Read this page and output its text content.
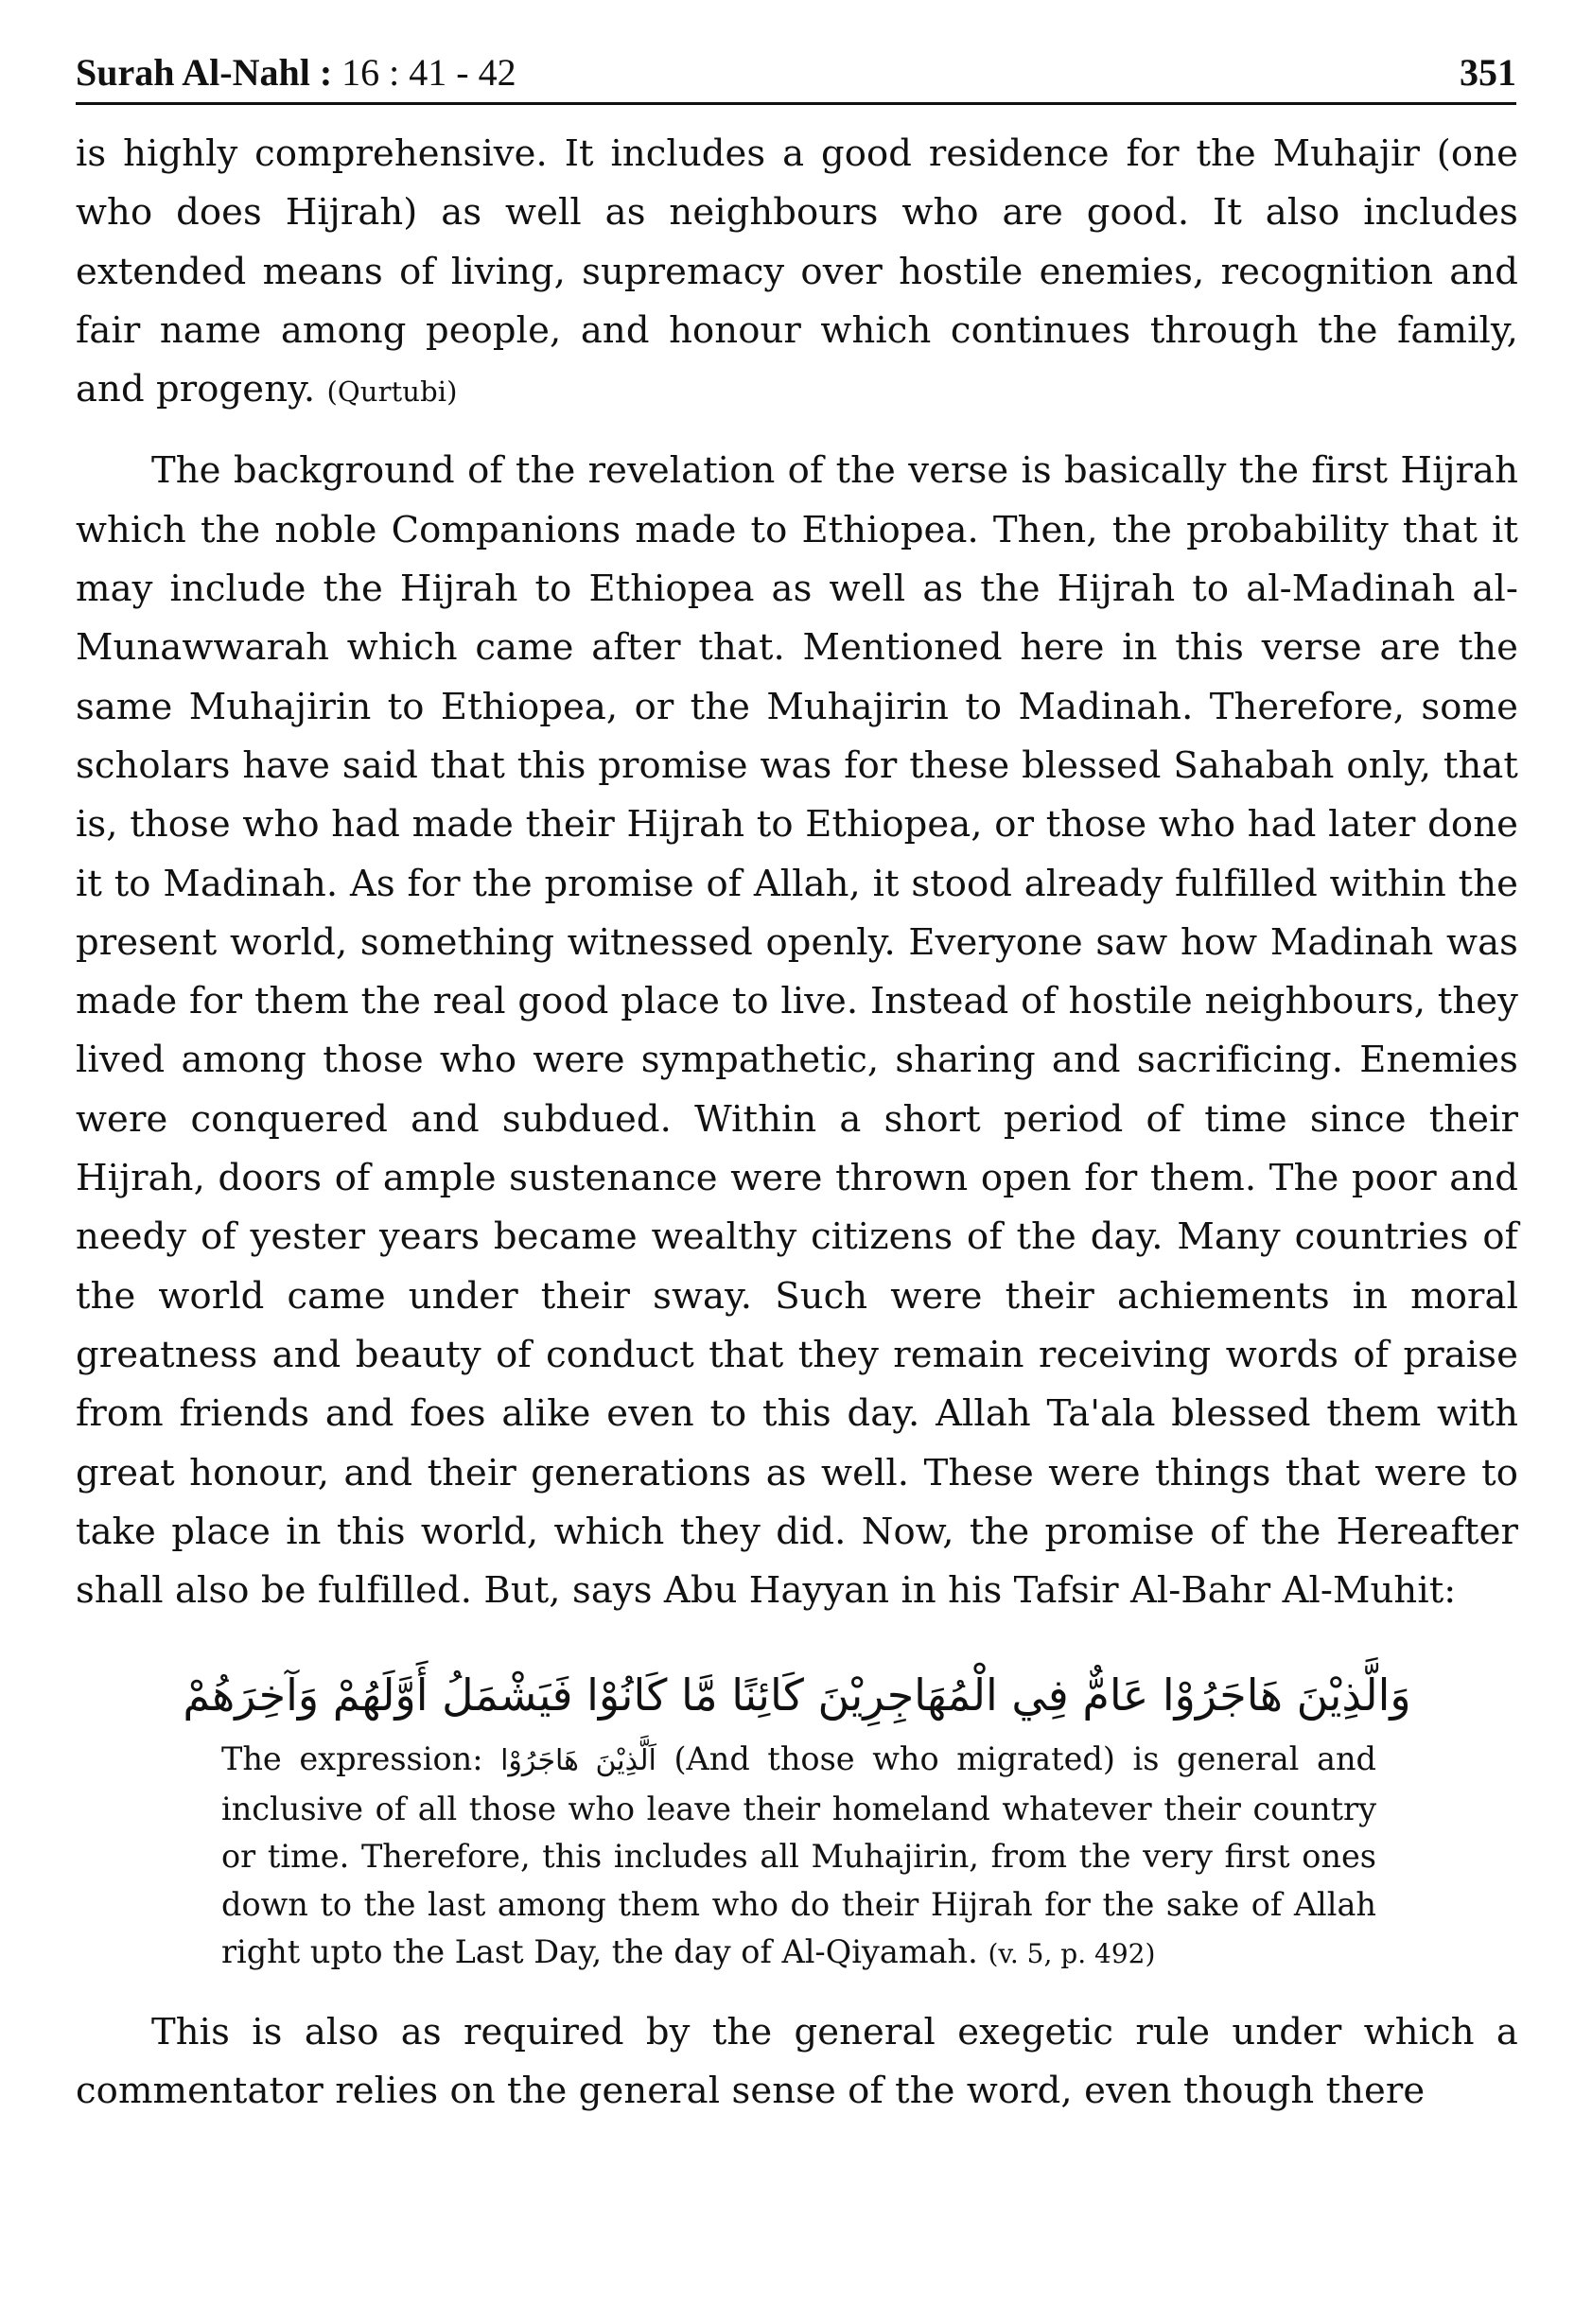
Surah Al-Nahl : 16 : 41 - 42	351

is highly comprehensive. It includes a good residence for the Muhajir (one who does Hijrah) as well as neighbours who are good. It also includes extended means of living, supremacy over hostile enemies, recognition and fair name among people, and honour which continues through the family, and progeny. (Qurtubi)

The background of the revelation of the verse is basically the first Hijrah which the noble Companions made to Ethiopea. Then, the probability that it may include the Hijrah to Ethiopea as well as the Hijrah to al-Madinah al-Munawwarah which came after that. Mentioned here in this verse are the same Muhajirin to Ethiopea, or the Muhajirin to Madinah. Therefore, some scholars have said that this promise was for these blessed Sahabah only, that is, those who had made their Hijrah to Ethiopea, or those who had later done it to Madinah. As for the promise of Allah, it stood already fulfilled within the present world, something witnessed openly. Everyone saw how Madinah was made for them the real good place to live. Instead of hostile neighbours, they lived among those who were sympathetic, sharing and sacrificing. Enemies were conquered and subdued. Within a short period of time since their Hijrah, doors of ample sustenance were thrown open for them. The poor and needy of yester years became wealthy citizens of the day. Many countries of the world came under their sway. Such were their achiements in moral greatness and beauty of conduct that they remain receiving words of praise from friends and foes alike even to this day. Allah Ta'ala blessed them with great honour, and their generations as well. These were things that were to take place in this world, which they did. Now, the promise of the Hereafter shall also be fulfilled. But, says Abu Hayyan in his Tafsir Al-Bahr Al-Muhit:

وَالَّذِيْنَ هَاجَرُوْا عَامٌّ فِي الْمُهَاجِرِيْنَ كَائِنًا مَّا كَانُوْا فَيَشْمَلُ أَوَّلَهُمْ وَآخِرَهُمْ
The expression: اَلَّذِيْنَ هَاجَرُوْا (And those who migrated) is general and inclusive of all those who leave their homeland whatever their country or time. Therefore, this includes all Muhajirin, from the very first ones down to the last among them who do their Hijrah for the sake of Allah right upto the Last Day, the day of Al-Qiyamah. (v. 5, p. 492)

This is also as required by the general exegetic rule under which a commentator relies on the general sense of the word, even though there
